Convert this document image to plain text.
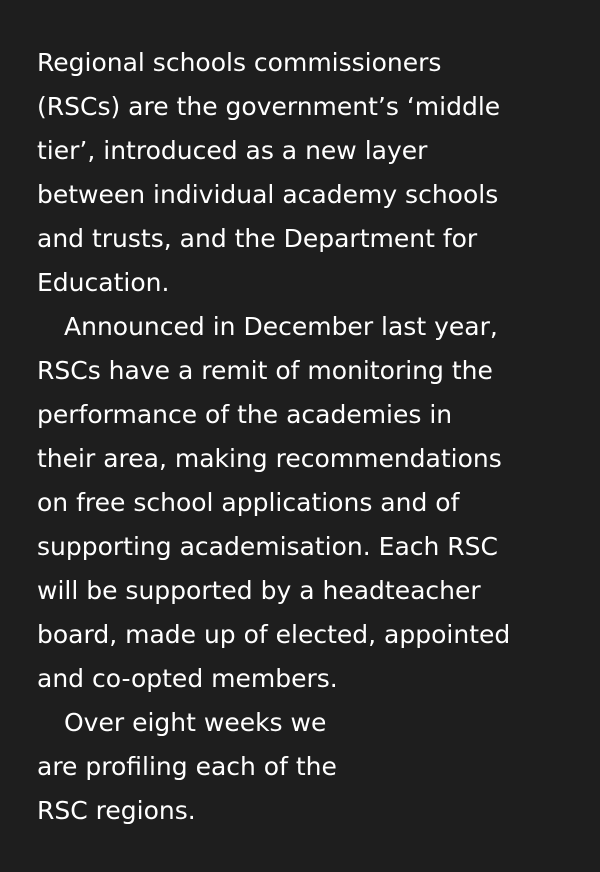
Regional schools commissioners
(RSCs) are the government’s ‘middle
tier’, introduced as a new layer
between individual academy schools
and trusts, and the Department for
Education.

Announced in December last year,
RSCs have a remit of monitoring the
performance of the academies in
their area, making recommendations
on free school applications and of
supporting academisation. Each RSC
will be supported by a headteacher
board, made up of elected, appointed
and co-opted members.

Over eight weeks we
are profiling each of the
RSC regions.
